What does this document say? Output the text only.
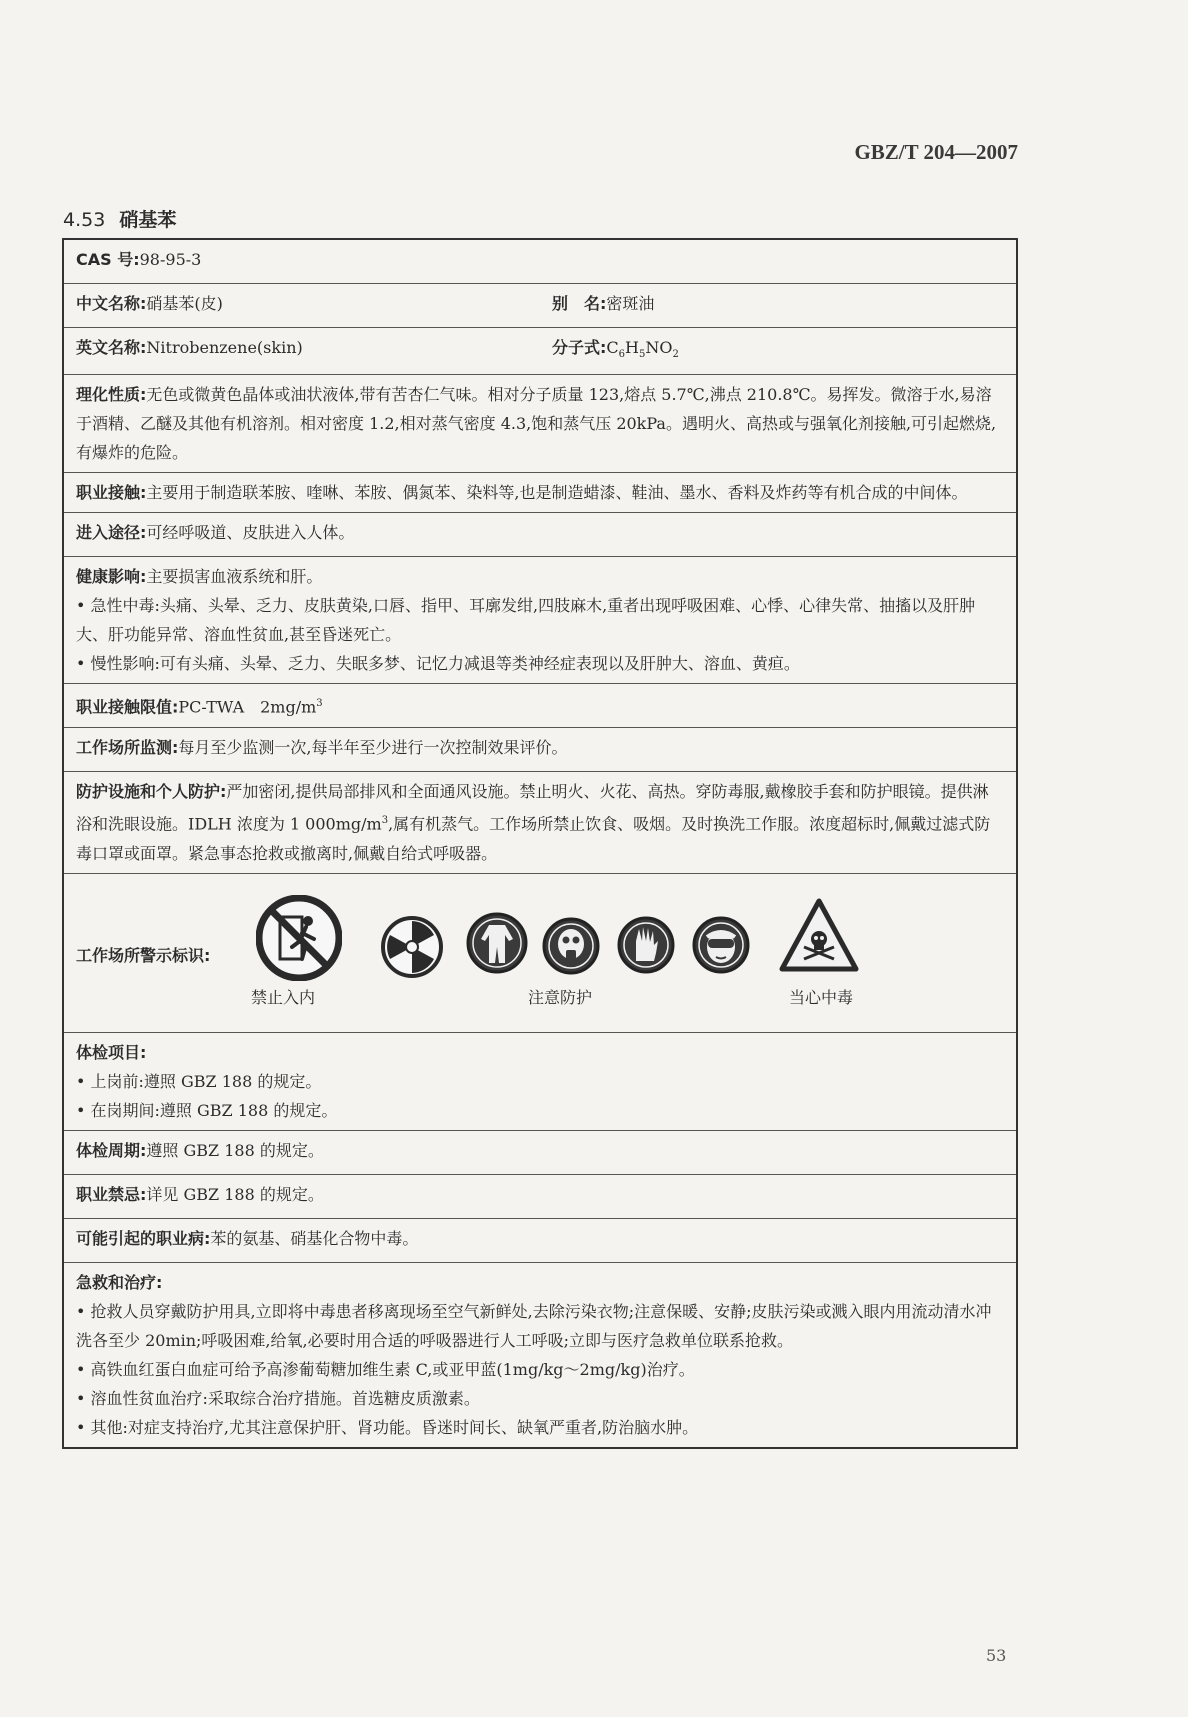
GBZ/T 204—2007
4.53 硝基苯
CAS 号:98-95-3	
中文名称:硝基苯(皮)	别　名:密斑油
英文名称:Nitrobenzene(skin)	分子式$:C_6H_5NO_2$
理化性质:无色或微黄色晶体或油状液体,带有苦杏仁气味。相对分子质量 123,熔点 5.7℃,沸点 210.8℃。易挥发。微溶于水,易溶于酒精、乙醚及其他有机溶剂。相对密度 1.2,相对蒸气密度 4.3,饱和蒸气压 20kPa。遇明火、高热或与强氧化剂接触,可引起燃烧,有爆炸的危险。	
职业接触:主要用于制造联苯胺、喹啉、苯胺、偶氮苯、染料等,也是制造蜡漆、鞋油、墨水、香料及炸药等有机合成的中间体。	
进入途径:可经呼吸道、皮肤进入人体。	

健康影响:主要损害血液系统和肝。
• 急性中毒:头痛、头晕、乏力、皮肤黄染,口唇、指甲、耳廓发绀,四肢麻木,重者出现呼吸困难、心悸、心律失常、抽搐以及肝肿大、肝功能异常、溶血性贫血,甚至昏迷死亡。
• 慢性影响:可有头痛、头晕、乏力、失眠多梦、记忆力减退等类神经症表现以及肝肿大、溶血、黄疸。

职业接触限值:PC-TWA　$2mg/m^3$
工作场所监测:每月至少监测一次,每半年至少进行一次控制效果评价。	
防护设施和个人防护:严加密闭,提供局部排风和全面通风设施。禁止明火、火花、高热。穿防毒服,戴橡胶手套和防护眼镜。提供淋浴和洗眼设施。IDLH 浓度为 1 $000mg/m^3$,属有机蒸气。工作场所禁止饮食、吸烟。及时换洗工作服。浓度超标时,佩戴过滤式防毒口罩或面罩。紧急事态抢救或撤离时,佩戴自给式呼吸器。	

工作场所警示标识:
禁止入内 注意防护 当心中毒	

体检项目:
• 上岗前:遵照 GBZ 188 的规定。
• 在岗期间:遵照 GBZ 188 的规定。

体检周期:遵照 GBZ 188 的规定。	
职业禁忌:详见 GBZ 188 的规定。	
可能引起的职业病:苯的氨基、硝基化合物中毒。	

急救和治疗:
• 抢救人员穿戴防护用具,立即将中毒患者移离现场至空气新鲜处,去除污染衣物;注意保暖、安静;皮肤污染或溅入眼内用流动清水冲洗各至少 20min;呼吸困难,给氧,必要时用合适的呼吸器进行人工呼吸;立即与医疗急救单位联系抢救。
• 高铁血红蛋白血症可给予高渗葡萄糖加维生素 C,或亚甲蓝(1mg/kg～2mg/kg)治疗。
• 溶血性贫血治疗:采取综合治疗措施。首选糖皮质激素。
• 其他:对症支持治疗,尤其注意保护肝、肾功能。昏迷时间长、缺氧严重者,防治脑水肿。
53
